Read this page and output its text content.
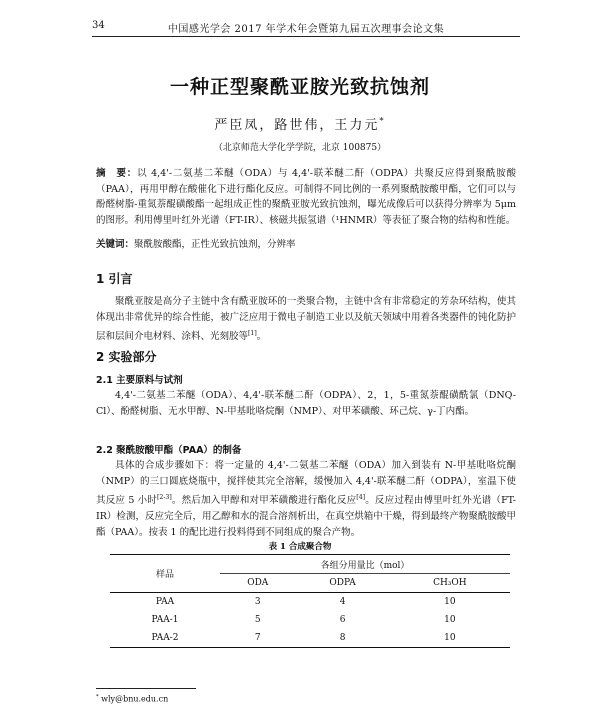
34	中国感光学会 2017 年学术年会暨第九届五次理事会论文集
一种正型聚酰亚胺光致抗蚀剂
严臣凤，路世伟，王力元*
（北京师范大学化学学院，北京 100875）
摘　要：以 4,4'-二氨基二苯醚（ODA）与 4,4'-联苯醚二酐（ODPA）共聚反应得到聚酰胺酸（PAA），再用甲醇在酸催化下进行酯化反应。可制得不同比例的一系列聚酰胺酸甲酯，它们可以与酚醛树脂-重氮萘醌磺酸酯一起组成正性的聚酰亚胺光致抗蚀剂，曝光成像后可以获得分辨率为 5μm 的图形。利用傅里叶红外光谱（FT-IR）、核磁共振氢谱（¹HNMR）等表征了聚合物的结构和性能。
关键词：聚酰胺酸酯，正性光致抗蚀剂，分辨率
1 引言
聚酰亚胺是高分子主链中含有酰亚胺环的一类聚合物，主链中含有非常稳定的芳杂环结构，使其体现出非常优异的综合性能，被广泛应用于微电子制造工业以及航天领域中用着各类器件的钝化防护层和层间介电材料、涂料、光刻胶等[1]。
2 实验部分
2.1 主要原料与试剂
4,4'-二氨基二苯醚（ODA）、4,4'-联苯醚二酐（ODPA）、2，1，5-重氮萘醌磺酰氯（DNQ-Cl）、酚醛树脂、无水甲醇、N-甲基吡咯烷酮（NMP）、对甲苯磺酸、环己烷、γ-丁内酯。
2.2 聚酰胺酸甲酯（PAA）的制备
具体的合成步骤如下：将一定量的 4,4'-二氨基二苯醚（ODA）加入到装有 N-甲基吡咯烷酮（NMP）的三口圆底烧瓶中，搅拌使其完全溶解，缓慢加入 4,4'-联苯醚二酐（ODPA），室温下使其反应 5 小时[2-3]。然后加入甲醇和对甲苯磺酸进行酯化反应[4]。反应过程由傅里叶红外光谱（FT-IR）检测，反应完全后，用乙醇和水的混合溶剂析出，在真空烘箱中干燥，得到最终产物聚酰胺酸甲酯（PAA）。按表 1 的配比进行投料得到不同组成的聚合产物。
表 1 合成聚合物
样品	各组分用量比（mol）		
	ODA	ODPA	CH₃OH
PAA	3	4	10
PAA-1	5	6	10
PAA-2	7	8	10
* wly@bnu.edu.cn
